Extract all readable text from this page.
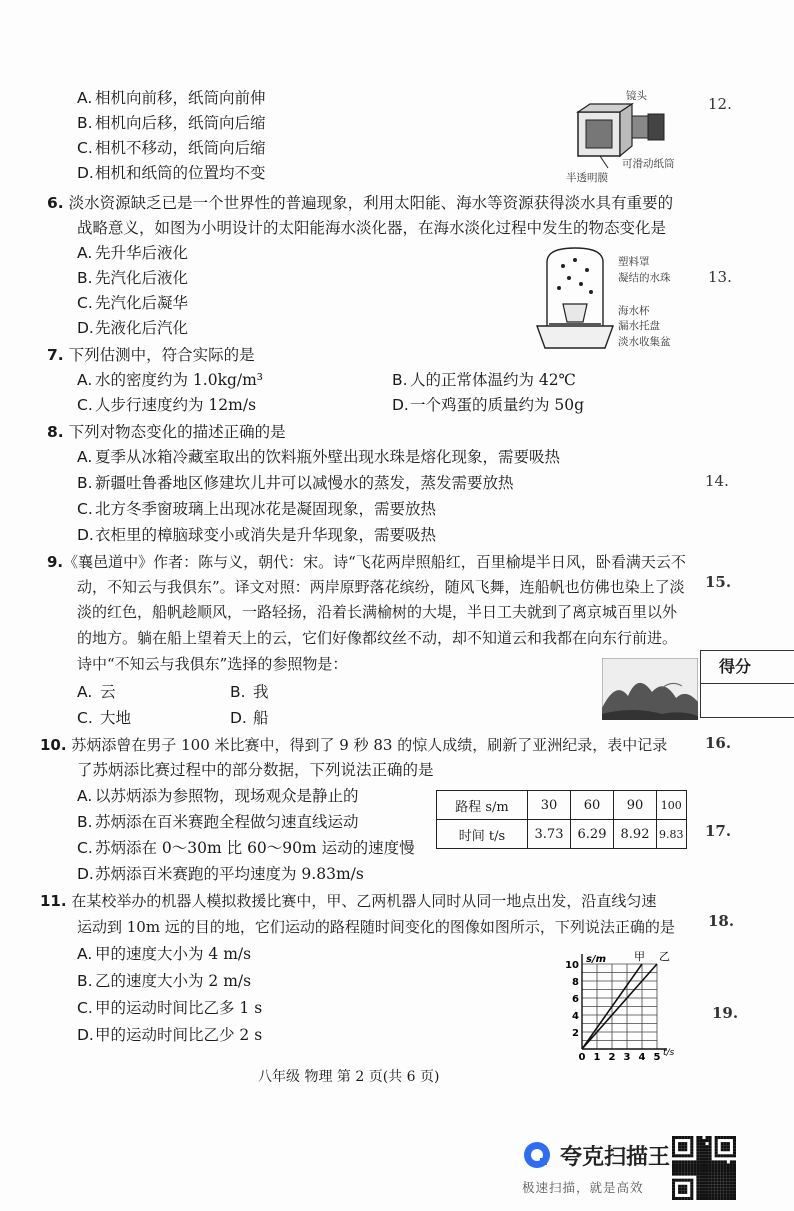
A. 相机向前移，纸筒向前伸
B. 相机向后移，纸筒向后缩
C. 相机不移动，纸筒向后缩
D.相机和纸筒的位置均不变
镜头
可滑动纸筒
半透明膜
6. 淡水资源缺乏已是一个世界性的普遍现象，利用太阳能、海水等资源获得淡水具有重要的
战略意义，如图为小明设计的太阳能海水淡化器，在海水淡化过程中发生的物态变化是
A. 先升华后液化
B. 先汽化后液化
C. 先汽化后凝华
D.先液化后汽化
塑料罩
凝结的水珠
海水杯
漏水托盘
淡水收集盆
7. 下列估测中，符合实际的是
A. 水的密度约为 1.0kg/m³	B. 人的正常体温约为 42℃
C. 人步行速度约为 12m/s	D.一个鸡蛋的质量约为 50g
8. 下列对物态变化的描述正确的是
A. 夏季从冰箱冷藏室取出的饮料瓶外壁出现水珠是熔化现象，需要吸热
B. 新疆吐鲁番地区修建坎儿井可以减慢水的蒸发，蒸发需要放热
C. 北方冬季窗玻璃上出现冰花是凝固现象，需要放热
D.衣柜里的樟脑球变小或消失是升华现象，需要吸热
9.《襄邑道中》作者：陈与义，朝代：宋。诗“飞花两岸照船红，百里榆堤半日风，卧看满天云不
动，不知云与我俱东”。译文对照：两岸原野落花缤纷，随风飞舞，连船帆也仿佛也染上了淡
淡的红色，船帆趁顺风，一路轻扬，沿着长满榆树的大堤，半日工夫就到了离京城百里以外
的地方。躺在船上望着天上的云，它们好像都纹丝不动，却不知道云和我都在向东行前进。
诗中“不知云与我俱东”选择的参照物是：
A. 云	B. 我
C. 大地	D. 船
10. 苏炳添曾在男子 100 米比赛中，得到了 9 秒 83 的惊人成绩，刷新了亚洲纪录，表中记录
了苏炳添比赛过程中的部分数据，下列说法正确的是
A. 以苏炳添为参照物，现场观众是静止的
B. 苏炳添在百米赛跑全程做匀速直线运动
C. 苏炳添在 0～30m 比 60～90m 运动的速度慢
D.苏炳添百米赛跑的平均速度为 9.83m/s
路程 s/m	30	60	90	100
时间 t/s	3.73	6.29	8.92	9.83
11. 在某校举办的机器人模拟救援比赛中，甲、乙两机器人同时从同一地点出发，沿直线匀速
运动到 10m 远的目的地，它们运动的路程随时间变化的图像如图所示，下列说法正确的是
A. 甲的速度大小为 4 m/s
B. 乙的速度大小为 2 m/s
C. 甲的运动时间比乙多 1 s
D.甲的运动时间比乙少 2 s
甲 乙
s/m
t/s
0 1 2 3 4 5
2
4
6
8
10
八年级 物理 第 2 页(共 6 页)
12.
13.
14.
15.
得分
16.
17.
18.
19.
夸克扫描王
极速扫描，就是高效
